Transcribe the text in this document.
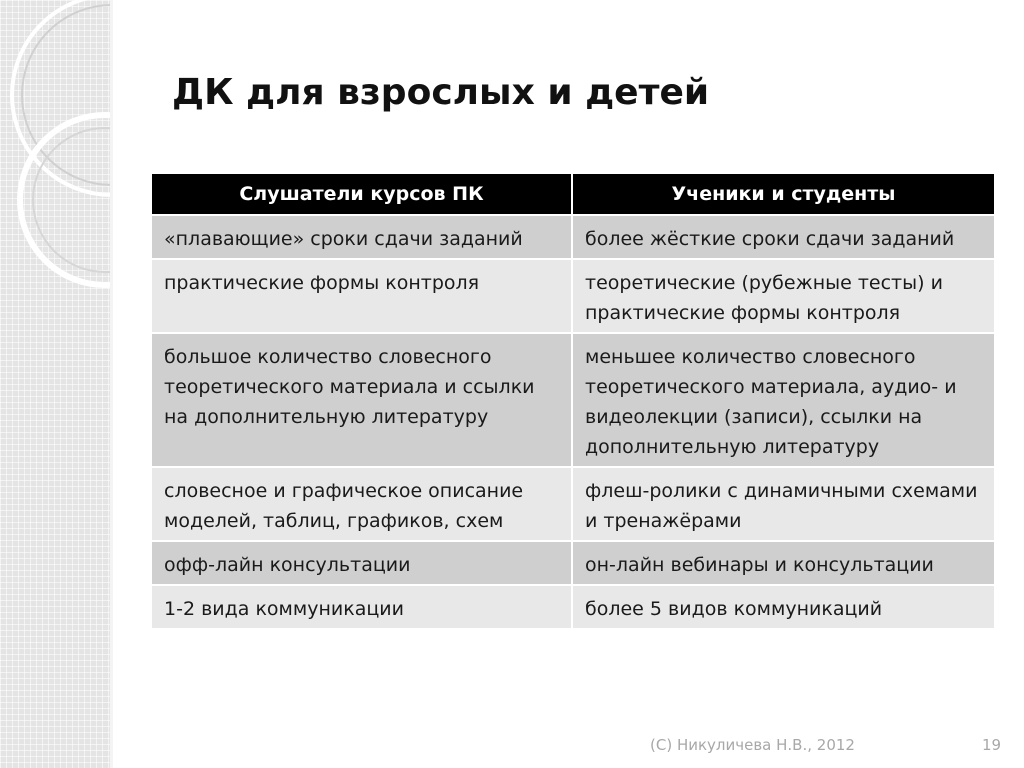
ДК для взрослых и детей
Слушатели курсов ПК	Ученики и студенты
«плавающие» сроки сдачи заданий	более жёсткие сроки сдачи заданий
практические формы контроля	теоретические (рубежные тесты) и практические формы контроля
большое количество словесного теоретического материала и ссылки на дополнительную литературу	меньшее количество словесного теоретического материала, аудио- и видеолекции (записи), ссылки на дополнительную литературу
словесное и графическое описание моделей, таблиц, графиков, схем	флеш-ролики с динамичными схемами и тренажёрами
офф-лайн консультации	он-лайн вебинары и консультации
1-2 вида коммуникации	более 5 видов коммуникаций
(C) Никуличева Н.В., 2012	19
